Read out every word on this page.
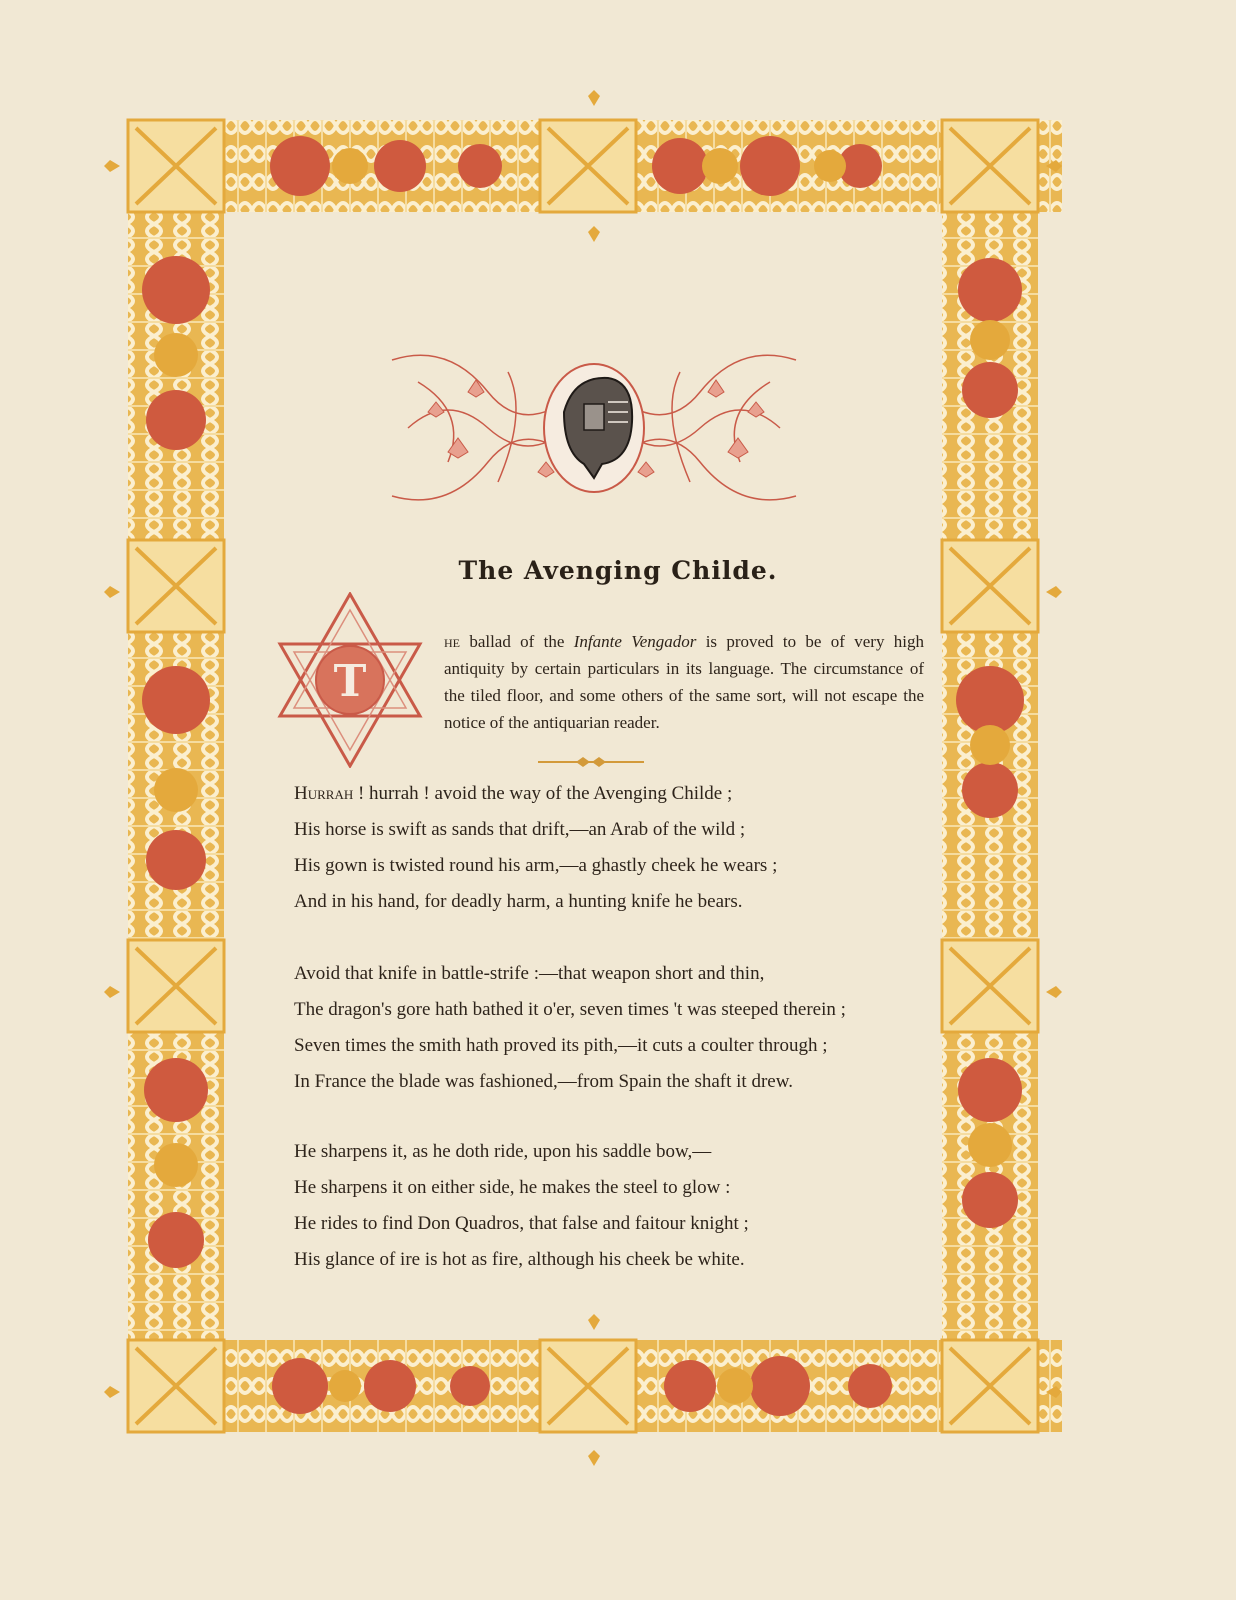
The Avenging Childe.
T
he ballad of the Infante Vengador is proved to be of very high antiquity by certain particulars in its language. The circumstance of the tiled floor, and some others of the same sort, will not escape the notice of the antiquarian reader.
Hurrah ! hurrah ! avoid the way of the Avenging Childe ;
His horse is swift as sands that drift,—an Arab of the wild ;
His gown is twisted round his arm,—a ghastly cheek he wears ;
And in his hand, for deadly harm, a hunting knife he bears.
Avoid that knife in battle-strife :—that weapon short and thin,
The dragon's gore hath bathed it o'er, seven times 't was steeped therein ;
Seven times the smith hath proved its pith,—it cuts a coulter through ;
In France the blade was fashioned,—from Spain the shaft it drew.
He sharpens it, as he doth ride, upon his saddle bow,—
He sharpens it on either side, he makes the steel to glow :
He rides to find Don Quadros, that false and faitour knight ;
His glance of ire is hot as fire, although his cheek be white.
